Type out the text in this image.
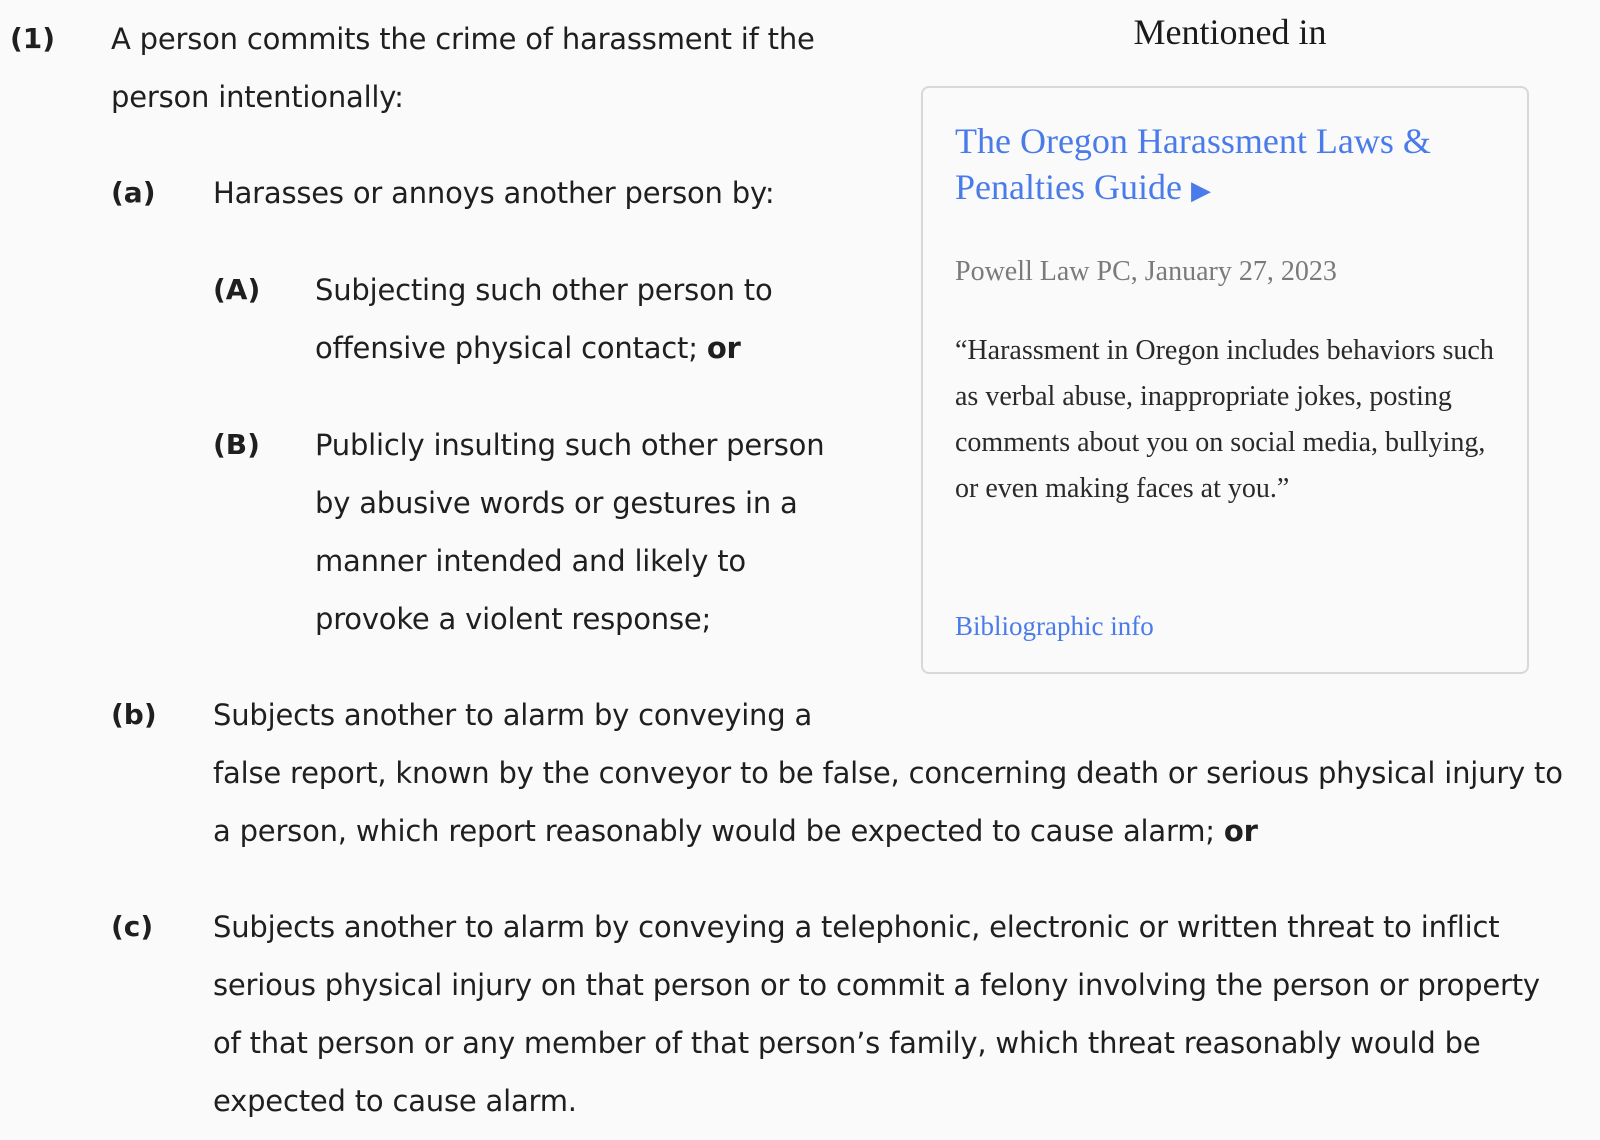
(1) A person commits the crime of harassment if the
person intentionally:
(a) Harasses or annoys another person by:
(A) Subjecting such other person to
offensive physical contact; or
(B) Publicly insulting such other person
by abusive words or gestures in a
manner intended and likely to
provoke a violent response;
(b) Subjects another to alarm by conveying a
false report, known by the conveyor to be false, concerning death or serious physical injury to
a person, which report reasonably would be expected to cause alarm; or
(c) Subjects another to alarm by conveying a telephonic, electronic or written threat to inflict
serious physical injury on that person or to commit a felony involving the person or property
of that person or any member of that person’s family, which threat reasonably would be
expected to cause alarm.
Mentioned in
The Oregon Harassment Laws & Penalties Guide ▶
Powell Law PC, January 27, 2023
“Harassment in Oregon includes behaviors such as verbal abuse, inappropriate jokes, posting comments about you on social media, bullying, or even making faces at you.”
Bibliographic info
